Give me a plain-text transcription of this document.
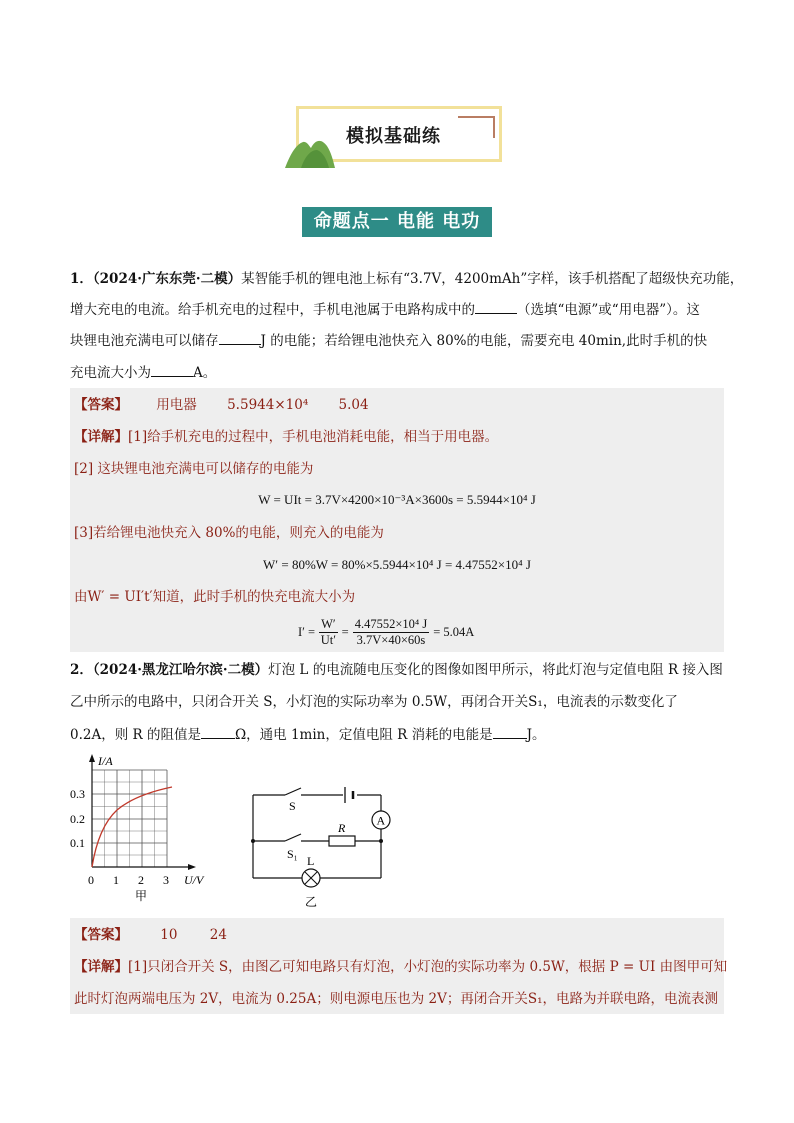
模拟基础练
命题点一 电能 电功
1．（2024·广东东莞·二模）某智能手机的锂电池上标有“3.7V，4200mAh”字样，该手机搭配了超级快充功能，
增大充电的电流。给手机充电的过程中，手机电池属于电路构成中的	（选填“电源”或“用电器”）。这
块锂电池充满电可以储存	J 的电能；若给锂电池快充入 80%的电能，需要充电 40min,此时手机的快
充电流大小为	A。
【答案】 用电器 5.5944×10⁴ 5.04
【详解】[1]给手机充电的过程中，手机电池消耗电能，相当于用电器。
[2] 这块锂电池充满电可以储存的电能为
W = UIt = 3.7V×4200×10⁻³A×3600s = 5.5944×10⁴ J
[3]若给锂电池快充入 80%的电能，则充入的电能为
W′ = 80%W = 80%×5.5944×10⁴ J = 4.47552×10⁴ J
由W′ = UI′t′知道，此时手机的快充电流大小为
$I' = \frac{W'}{Ut'} = \frac{\text{4.47552×10⁴ J}}{3.7V\times 40\times 60s} = 5.04A$
2．（2024·黑龙江哈尔滨·二模）灯泡 L 的电流随电压变化的图像如图甲所示，将此灯泡与定值电阻 R 接入图
乙中所示的电路中，只闭合开关 S，小灯泡的实际功率为 0.5W，再闭合开关S₁，电流表的示数变化了
0.2A，则 R 的阻值是	Ω，通电 1min，定值电阻 R 消耗的电能是	J。
I/A
0.3
0.2
0.1
0 1 2 3 U/V
甲
A
S
S₁
R
L
乙
【答案】 10 24
【详解】[1]只闭合开关 S，由图乙可知电路只有灯泡，小灯泡的实际功率为 0.5W，根据 P = UI 由图甲可知
此时灯泡两端电压为 2V，电流为 0.25A；则电源电压也为 2V；再闭合开关S₁，电路为并联电路，电流表测
